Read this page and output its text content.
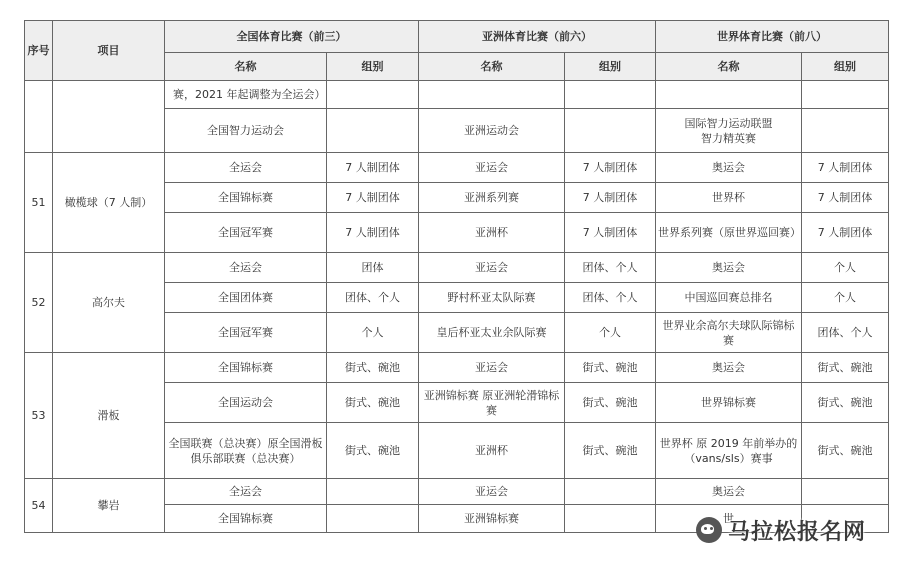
序号	项目	全国体育比赛（前三）		亚洲体育比赛（前六）		世界体育比赛（前八）	
		名称	组别	名称	组别	名称	组别
		赛，2021 年起调整为全运会）					
		全国智力运动会		亚洲运动会		国际智力运动联盟
智力精英赛	
51	橄榄球（7 人制）	全运会	7 人制团体	亚运会	7 人制团体	奥运会	7 人制团体
		全国锦标赛	7 人制团体	亚洲系列赛	7 人制团体	世界杯	7 人制团体
		全国冠军赛	7 人制团体	亚洲杯	7 人制团体	世界系列赛（原世界巡回赛）	7 人制团体
52	高尔夫	全运会	团体	亚运会	团体、个人	奥运会	个人
		全国团体赛	团体、个人	野村杯亚太队际赛	团体、个人	中国巡回赛总排名	个人
		全国冠军赛	个人	皇后杯亚太业余队际赛	个人	世界业余高尔夫球队际锦标赛	团体、个人
53	滑板	全国锦标赛	街式、碗池	亚运会	街式、碗池	奥运会	街式、碗池
		全国运动会	街式、碗池	亚洲锦标赛 原亚洲轮滑锦标赛	街式、碗池	世界锦标赛	街式、碗池
		全国联赛（总决赛）原全国滑板俱乐部联赛（总决赛）	街式、碗池	亚洲杯	街式、碗池	世界杯 原 2019 年前举办的（vans/sls）赛事	街式、碗池
54	攀岩	全运会		亚运会		奥运会	
		全国锦标赛		亚洲锦标赛		世	
马拉松报名网
